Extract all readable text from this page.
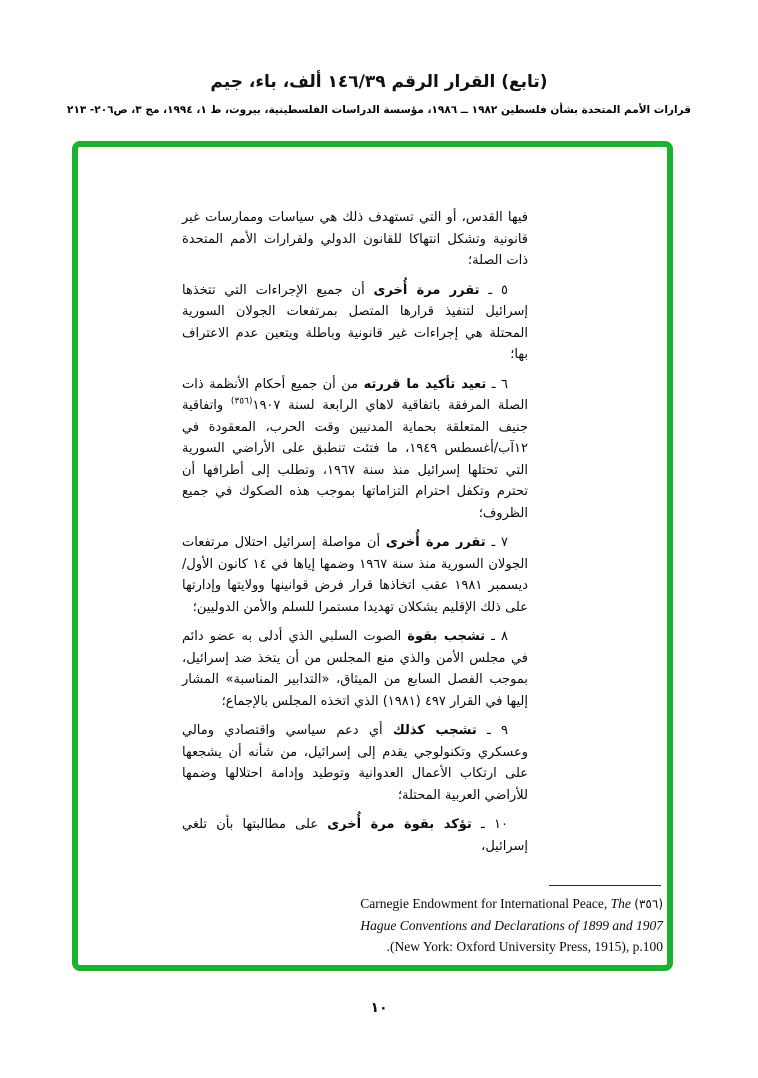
(تابع) القرار الرقم ١٤٦/٣٩ ألف، باء، جيم
قرارات الأمم المتحدة بشأن فلسطين ١٩٨٢ ــ ١٩٨٦، مؤسسة الدراسات الفلسطينية، بيروت، ط ١، ١٩٩٤، مج ٣، ص٢٠٦- ٢١٣

فيها القدس، أو التي تستهدف ذلك هي سياسات وممارسات غير قانونية وتشكل انتهاكا للقانون الدولي ولقرارات الأمم المتحدة ذات الصلة؛

٥ ـ تقرر مرة أُخرى أن جميع الإجراءات التي تتخذها إسرائيل لتنفيذ قرارها المتصل بمرتفعات الجولان السورية المحتلة هي إجراءات غير قانونية وباطلة ويتعين عدم الاعتراف بها؛

٦ ـ تعيد تأكيد ما قررته من أن جميع أحكام الأنظمة ذات الصلة المرفقة باتفاقية لاهاي الرابعة لسنة ١٩٠٧$^{(٣٥٦)}$ واتفاقية جنيف المتعلقة بحماية المدنيين وقت الحرب، المعقودة في ١٢آب/أغسطس ١٩٤٩، ما فتئت تنطبق على الأراضي السورية التي تحتلها إسرائيل منذ سنة ١٩٦٧، وتطلب إلى أطرافها أن تحترم وتكفل احترام التزاماتها بموجب هذه الصكوك في جميع الظروف؛

٧ ـ تقرر مرة أُخرى أن مواصلة إسرائيل احتلال مرتفعات الجولان السورية منذ سنة ١٩٦٧ وضمها إياها في ١٤ كانون الأول/ديسمبر ١٩٨١ عقب اتخاذها قرار فرض قوانينها وولايتها وإدارتها على ذلك الإقليم يشكلان تهديدا مستمرا للسلم والأمن الدوليين؛

٨ ـ تشجب بقوة الصوت السلبي الذي أدلى به عضو دائم في مجلس الأمن والذي منع المجلس من أن يتخذ ضد إسرائيل، بموجب الفصل السابع من الميثاق، «التدابير المناسبة» المشار إليها في القرار ٤٩٧ (١٩٨١) الذي اتخذه المجلس بالإجماع؛

٩ ـ تشجب كذلك أي دعم سياسي واقتصادي ومالي وعسكري وتكنولوجي يقدم إلى إسرائيل، من شأنه أن يشجعها على ارتكاب الأعمال العدوانية وتوطيد وإدامة احتلالها وضمها للأراضي العربية المحتلة؛

١٠ ـ تؤكد بقوة مرة أُخرى على مطالبتها بأن تلغي إسرائيل،

(٣٥٦) Carnegie Endowment for International Peace, The Hague Conventions and Declarations of 1899 and 1907 (New York: Oxford University Press, 1915), p.100.
١٠
